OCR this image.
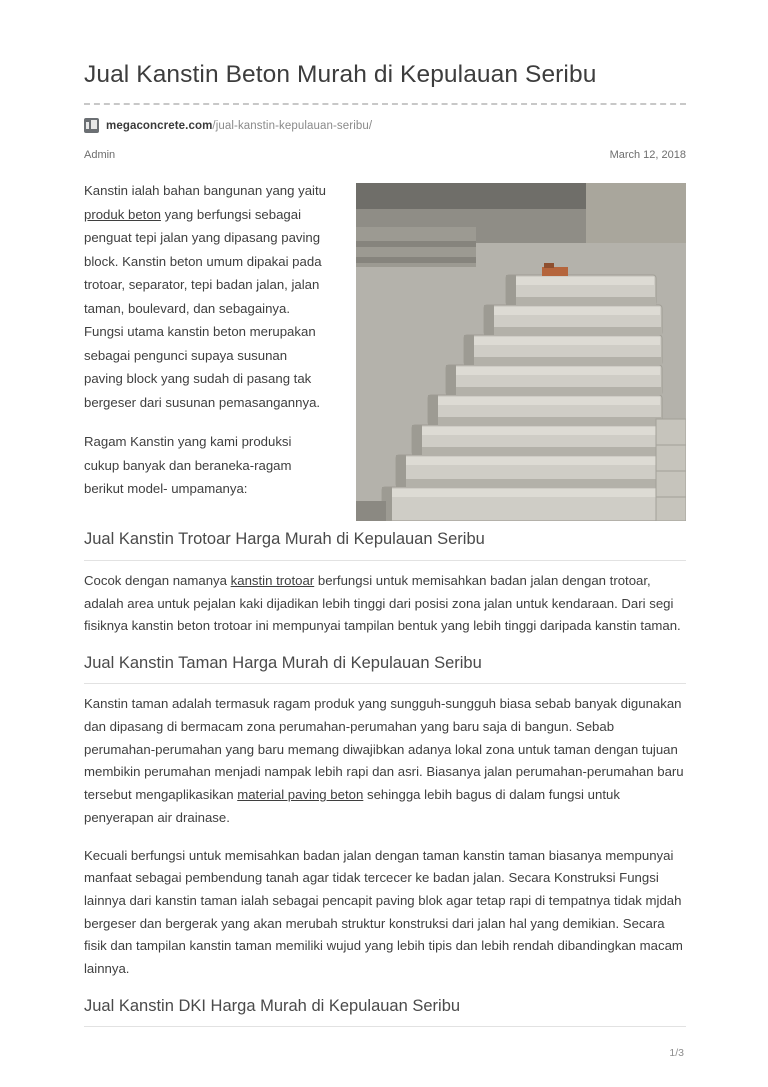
Jual Kanstin Beton Murah di Kepulauan Seribu
megaconcrete.com/jual-kanstin-kepulauan-seribu/
Admin	March 12, 2018

Kanstin ialah bahan bangunan yang yaitu produk beton yang berfungsi sebagai penguat tepi jalan yang dipasang paving block. Kanstin beton umum dipakai pada trotoar, separator, tepi badan jalan, jalan taman, boulevard, dan sebagainya. Fungsi utama kanstin beton merupakan sebagai pengunci supaya susunan paving block yang sudah di pasang tak bergeser dari susunan pemasangannya.

Ragam Kanstin yang kami produksi cukup banyak dan beraneka-ragam berikut model- umpamanya:

Jual Kanstin Trotoar Harga Murah di Kepulauan Seribu

Cocok dengan namanya kanstin trotoar berfungsi untuk memisahkan badan jalan dengan trotoar, adalah area untuk pejalan kaki dijadikan lebih tinggi dari posisi zona jalan untuk kendaraan. Dari segi fisiknya kanstin beton trotoar ini mempunyai tampilan bentuk yang lebih tinggi daripada kanstin taman.

Jual Kanstin Taman Harga Murah di Kepulauan Seribu

Kanstin taman adalah termasuk ragam produk yang sungguh-sungguh biasa sebab banyak digunakan dan dipasang di bermacam zona perumahan-perumahan yang baru saja di bangun. Sebab perumahan-perumahan yang baru memang diwajibkan adanya lokal zona untuk taman dengan tujuan membikin perumahan menjadi nampak lebih rapi dan asri. Biasanya jalan perumahan-perumahan baru tersebut mengaplikasikan material paving beton sehingga lebih bagus di dalam fungsi untuk penyerapan air drainase.

Kecuali berfungsi untuk memisahkan badan jalan dengan taman kanstin taman biasanya mempunyai manfaat sebagai pembendung tanah agar tidak tercecer ke badan jalan. Secara Konstruksi Fungsi lainnya dari kanstin taman ialah sebagai pencapit paving blok agar tetap rapi di tempatnya tidak mjdah bergeser dan bergerak yang akan merubah struktur konstruksi dari jalan hal yang demikian. Secara fisik dan tampilan kanstin taman memiliki wujud yang lebih tipis dan lebih rendah dibandingkan macam lainnya.

Jual Kanstin DKI Harga Murah di Kepulauan Seribu
1/3
